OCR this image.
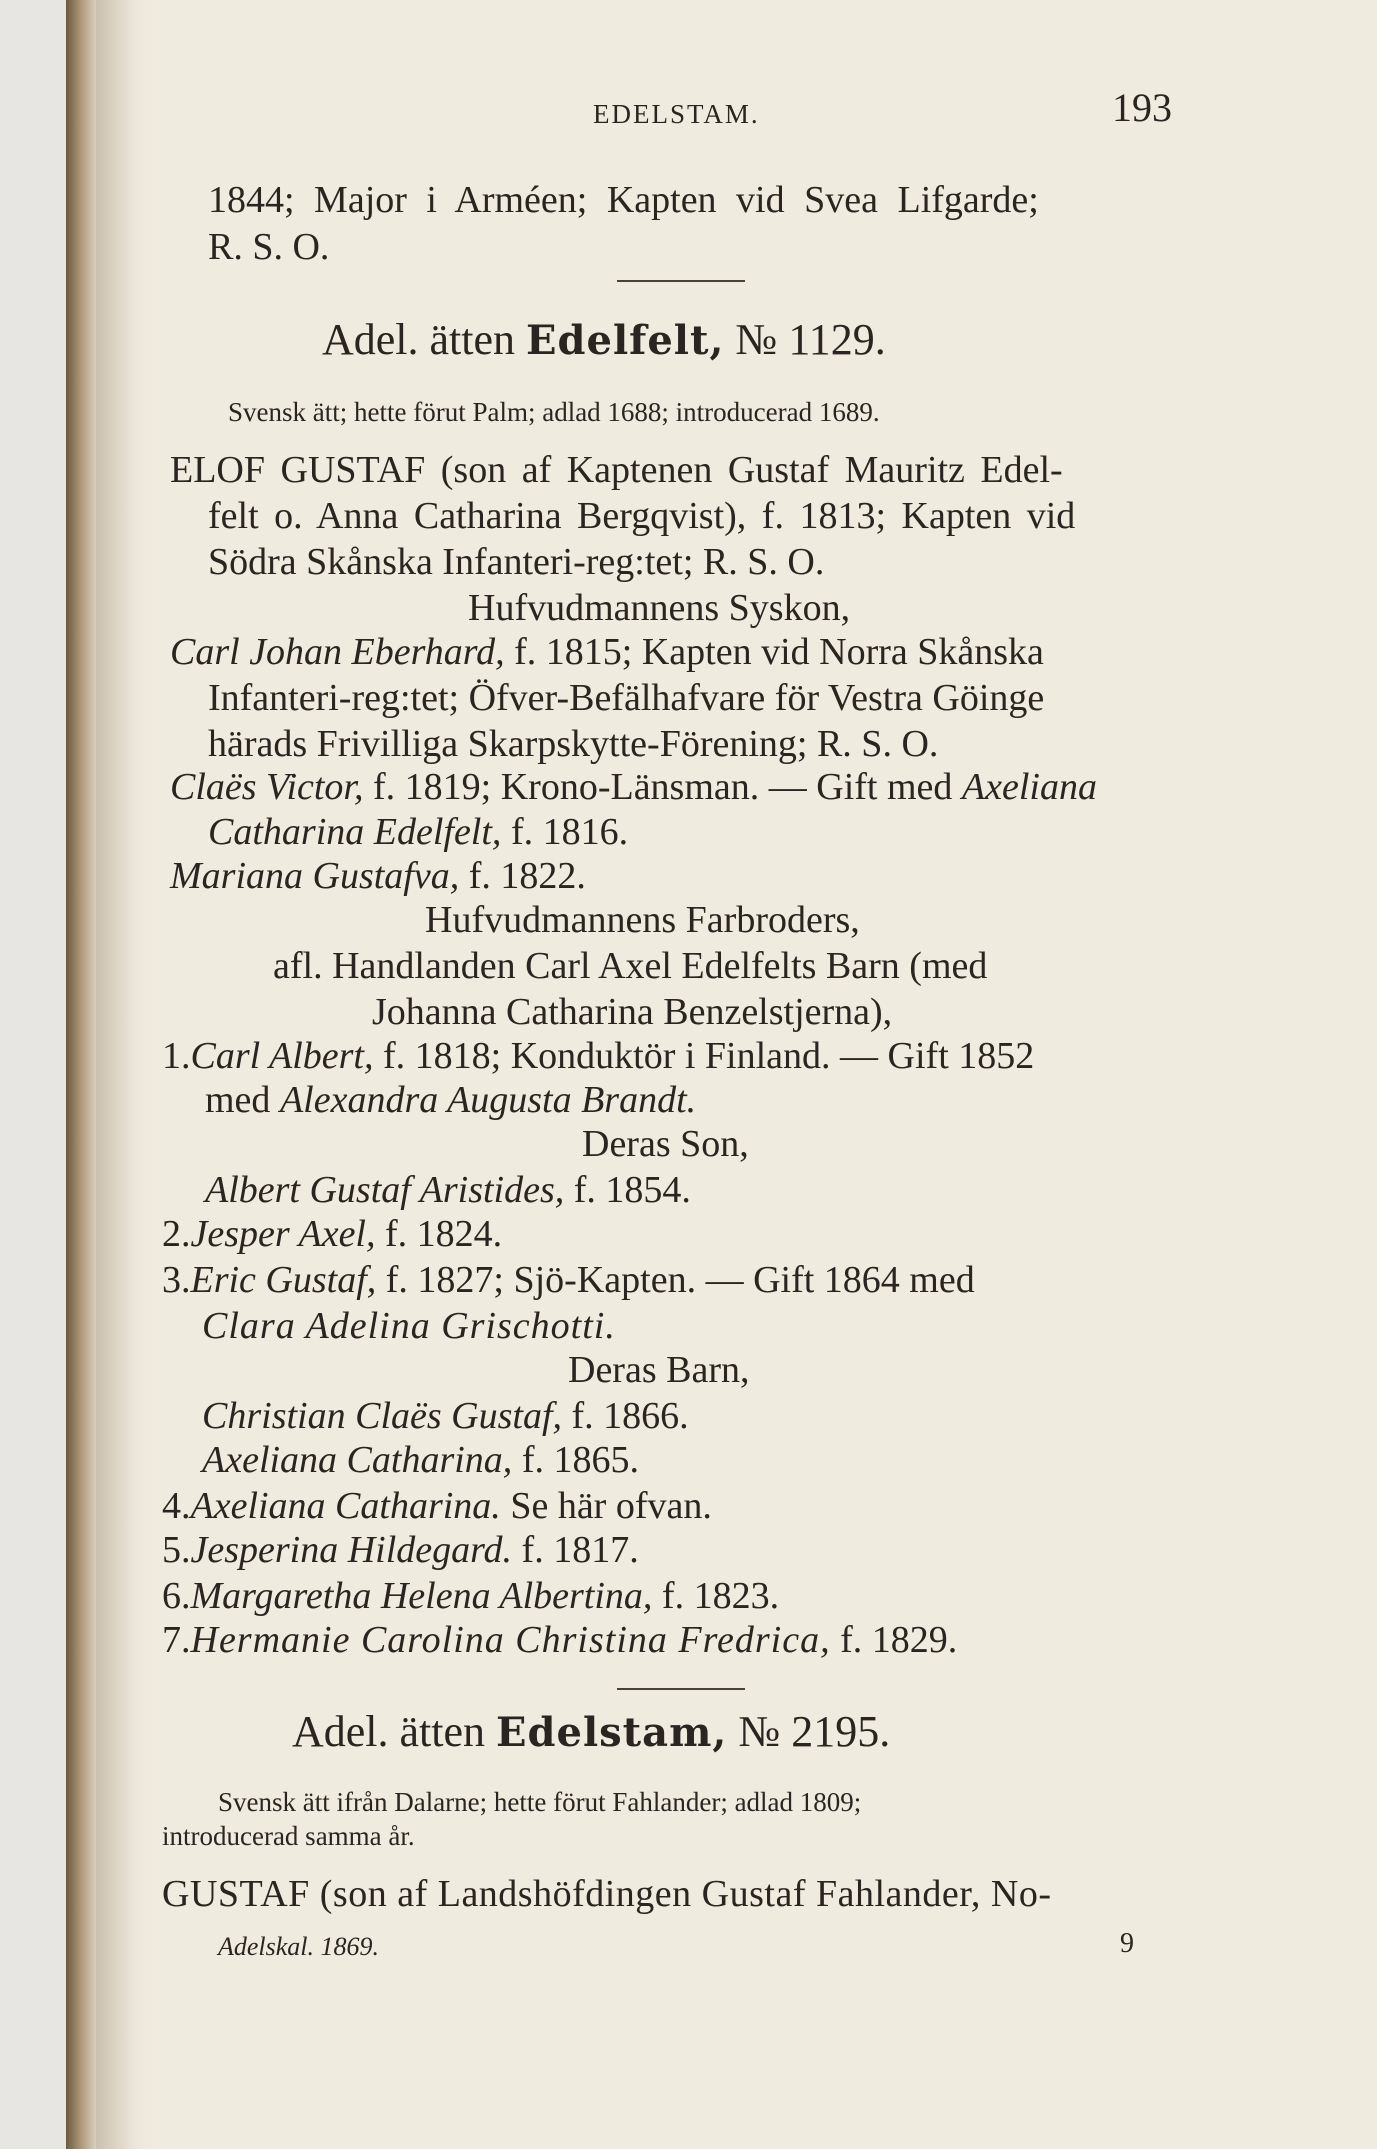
EDELSTAM.	193
1844; Major i Arméen; Kapten vid Svea Lifgarde;
R. S. O.
Adel. ätten Edelfelt, № 1129.
Svensk ätt; hette förut Palm; adlad 1688; introducerad 1689.
ELOF GUSTAF (son af Kaptenen Gustaf Mauritz Edel-
felt o. Anna Catharina Bergqvist), f. 1813; Kapten vid
Södra Skånska Infanteri-reg:tet; R. S. O.
Hufvudmannens Syskon,
Carl Johan Eberhard, f. 1815; Kapten vid Norra Skånska
Infanteri-reg:tet; Öfver-Befälhafvare för Vestra Göinge
härads Frivilliga Skarpskytte-Förening; R. S. O.
Claës Victor, f. 1819; Krono-Länsman. — Gift med Axeliana
Catharina Edelfelt, f. 1816.
Mariana Gustafva, f. 1822.
Hufvudmannens Farbroders,
afl. Handlanden Carl Axel Edelfelts Barn (med
Johanna Catharina Benzelstjerna),
1.Carl Albert, f. 1818; Konduktör i Finland. — Gift 1852
med Alexandra Augusta Brandt.
Deras Son,
Albert Gustaf Aristides, f. 1854.
2.Jesper Axel, f. 1824.
3.Eric Gustaf, f. 1827; Sjö-Kapten. — Gift 1864 med
Clara Adelina Grischotti.
Deras Barn,
Christian Claës Gustaf, f. 1866.
Axeliana Catharina, f. 1865.
4.Axeliana Catharina. Se här ofvan.
5.Jesperina Hildegard. f. 1817.
6.Margaretha Helena Albertina, f. 1823.
7.Hermanie Carolina Christina Fredrica, f. 1829.
Adel. ätten Edelstam, № 2195.
Svensk ätt ifrån Dalarne; hette förut Fahlander; adlad 1809;
introducerad samma år.
GUSTAF (son af Landshöfdingen Gustaf Fahlander, No-
Adelskal. 1869.	9
